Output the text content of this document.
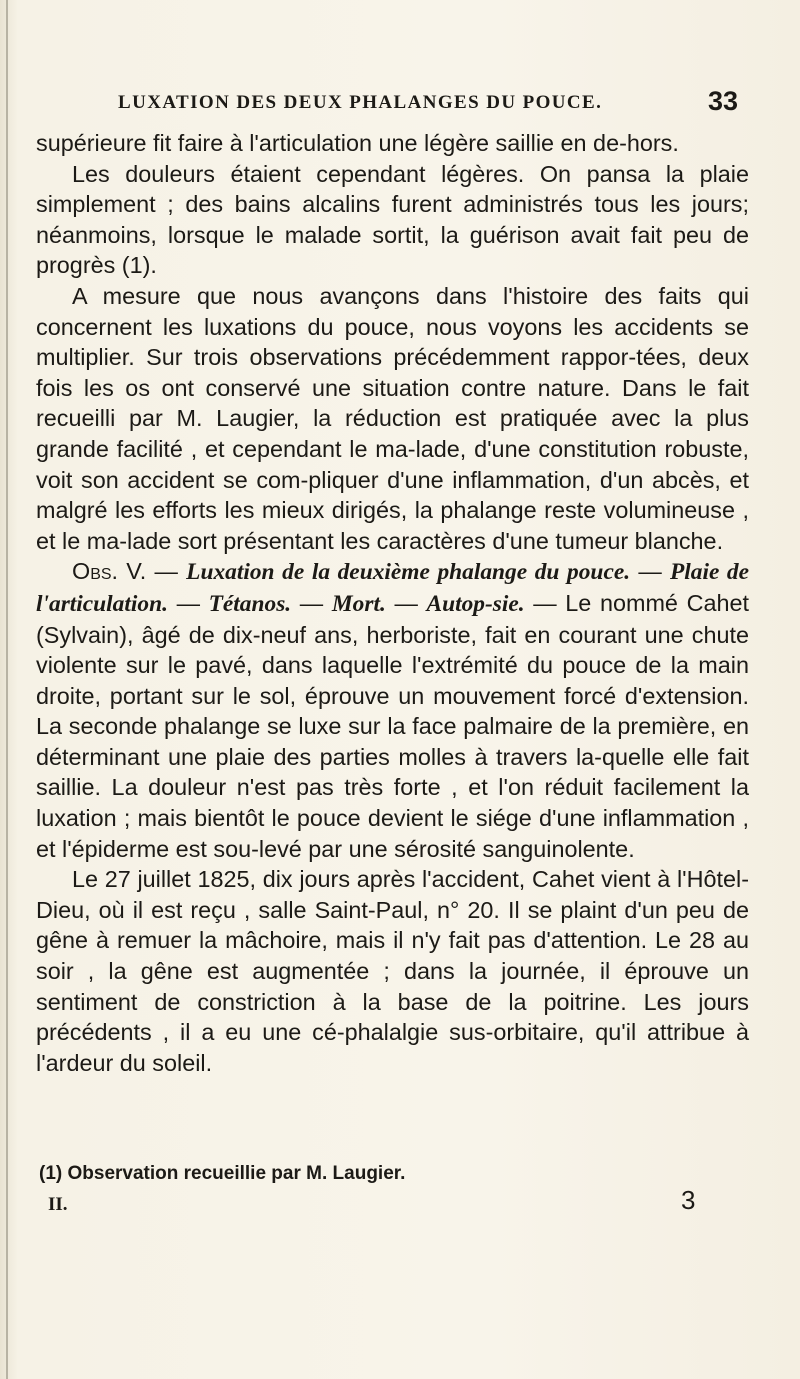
LUXATION DES DEUX PHALANGES DU POUCE.	33

supérieure fit faire à l'articulation une légère saillie en de-hors.

Les douleurs étaient cependant légères. On pansa la plaie simplement ; des bains alcalins furent administrés tous les jours; néanmoins, lorsque le malade sortit, la guérison avait fait peu de progrès (1).

A mesure que nous avançons dans l'histoire des faits qui concernent les luxations du pouce, nous voyons les accidents se multiplier. Sur trois observations précédemment rappor-tées, deux fois les os ont conservé une situation contre nature. Dans le fait recueilli par M. Laugier, la réduction est pratiquée avec la plus grande facilité , et cependant le ma-lade, d'une constitution robuste, voit son accident se com-pliquer d'une inflammation, d'un abcès, et malgré les efforts les mieux dirigés, la phalange reste volumineuse , et le ma-lade sort présentant les caractères d'une tumeur blanche.

Obs. V. — Luxation de la deuxième phalange du pouce. — Plaie de l'articulation. — Tétanos. — Mort. — Autop-sie. — Le nommé Cahet (Sylvain), âgé de dix-neuf ans, herboriste, fait en courant une chute violente sur le pavé, dans laquelle l'extrémité du pouce de la main droite, portant sur le sol, éprouve un mouvement forcé d'extension. La seconde phalange se luxe sur la face palmaire de la première, en déterminant une plaie des parties molles à travers la-quelle elle fait saillie. La douleur n'est pas très forte , et l'on réduit facilement la luxation ; mais bientôt le pouce devient le siége d'une inflammation , et l'épiderme est sou-levé par une sérosité sanguinolente.

Le 27 juillet 1825, dix jours après l'accident, Cahet vient à l'Hôtel-Dieu, où il est reçu , salle Saint-Paul, n° 20. Il se plaint d'un peu de gêne à remuer la mâchoire, mais il n'y fait pas d'attention. Le 28 au soir , la gêne est augmentée ; dans la journée, il éprouve un sentiment de constriction à la base de la poitrine. Les jours précédents , il a eu une cé-phalalgie sus-orbitaire, qu'il attribue à l'ardeur du soleil.

(1) Observation recueillie par M. Laugier.
II.	3
